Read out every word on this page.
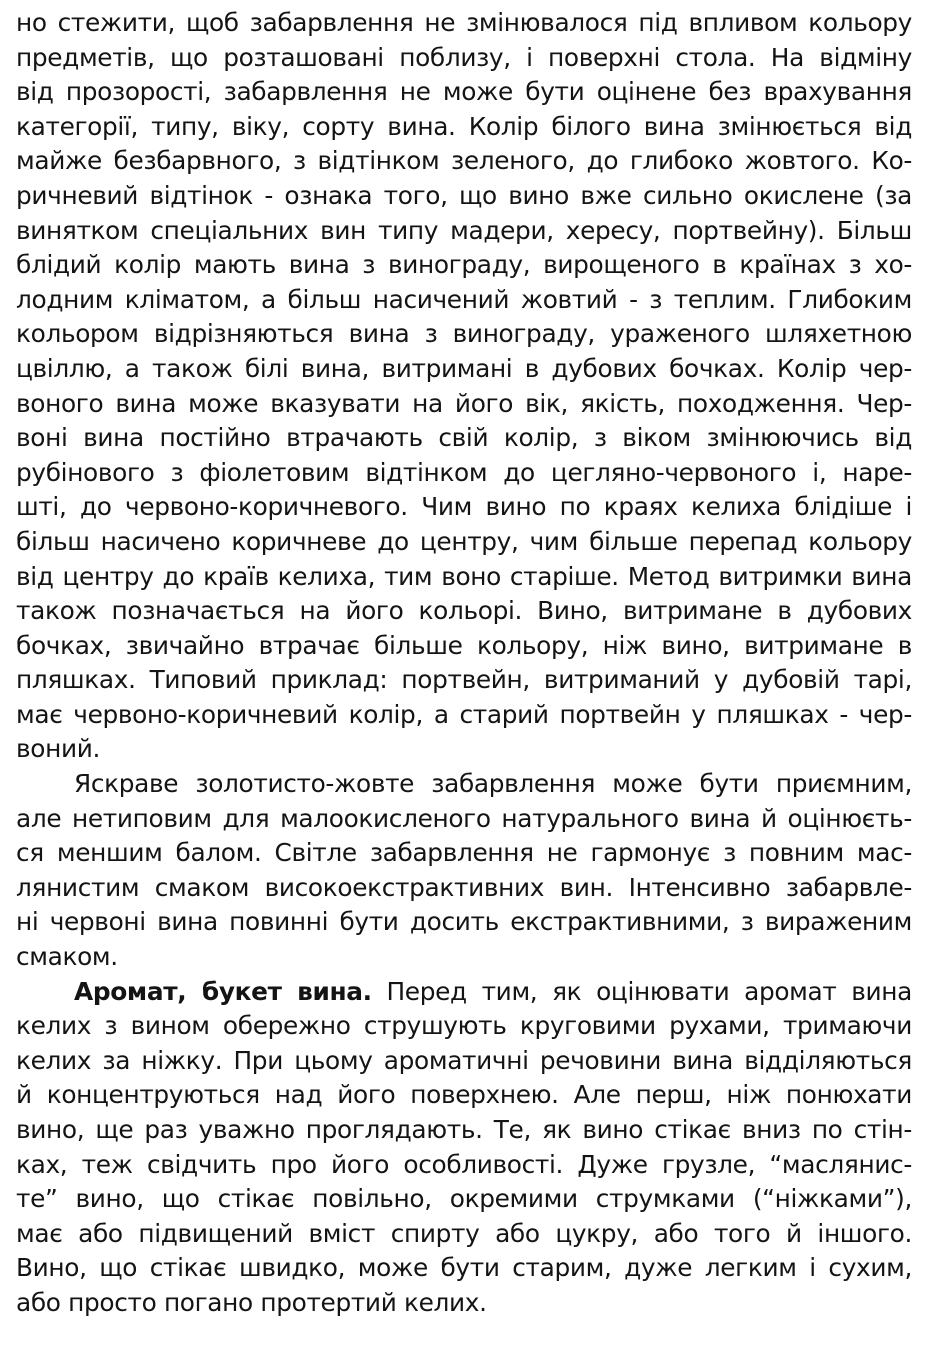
но стежити, щоб забарвлення не змінювалося під впливом кольору
предметів, що розташовані поблизу, і поверхні стола. На відміну
від прозорості, забарвлення не може бути оцінене без врахування
категорії, типу, віку, сорту вина. Колір білого вина змінюється від
майже безбарвного, з відтінком зеленого, до глибоко жовтого. Ко-
ричневий відтінок - ознака того, що вино вже сильно окислене (за
винятком спеціальних вин типу мадери, хересу, портвейну). Більш
блідий колір мають вина з винограду, вирощеного в країнах з хо-
лодним кліматом, а більш насичений жовтий - з теплим. Глибоким
кольором відрізняються вина з винограду, ураженого шляхетною
цвіллю, а також білі вина, витримані в дубових бочках. Колір чер-
воного вина може вказувати на його вік, якість, походження. Чер-
воні вина постійно втрачають свій колір, з віком змінюючись від
рубінового з фіолетовим відтінком до цегляно-червоного і, наре-
шті, до червоно-коричневого. Чим вино по краях келиха блідіше і
більш насичено коричневе до центру, чим більше перепад кольору
від центру до країв келиха, тим воно старіше. Метод витримки вина
також позначається на його кольорі. Вино, витримане в дубових
бочках, звичайно втрачає більше кольору, ніж вино, витримане в
пляшках. Типовий приклад: портвейн, витриманий у дубовій тарі,
має червоно-коричневий колір, а старий портвейн у пляшках - чер-
воний.
Яскраве золотисто-жовте забарвлення може бути приємним,
але нетиповим для малоокисленого натурального вина й оцінюєть-
ся меншим балом. Світле забарвлення не гармонує з повним мас-
лянистим смаком високоекстрактивних вин. Інтенсивно забарвле-
ні червоні вина повинні бути досить екстрактивними, з вираженим
смаком.
Аромат, букет вина. Перед тим, як оцінювати аромат вина
келих з вином обережно струшують круговими рухами, тримаючи
келих за ніжку. При цьому ароматичні речовини вина відділяються
й концентруються над його поверхнею. Але перш, ніж понюхати
вино, ще раз уважно проглядають. Те, як вино стікає вниз по стін-
ках, теж свідчить про його особливості. Дуже грузле, “маслянис-
те” вино, що стікає повільно, окремими струмками (“ніжками”),
має або підвищений вміст спирту або цукру, або того й іншого.
Вино, що стікає швидко, може бути старим, дуже легким і сухим,
або просто погано протертий келих.
